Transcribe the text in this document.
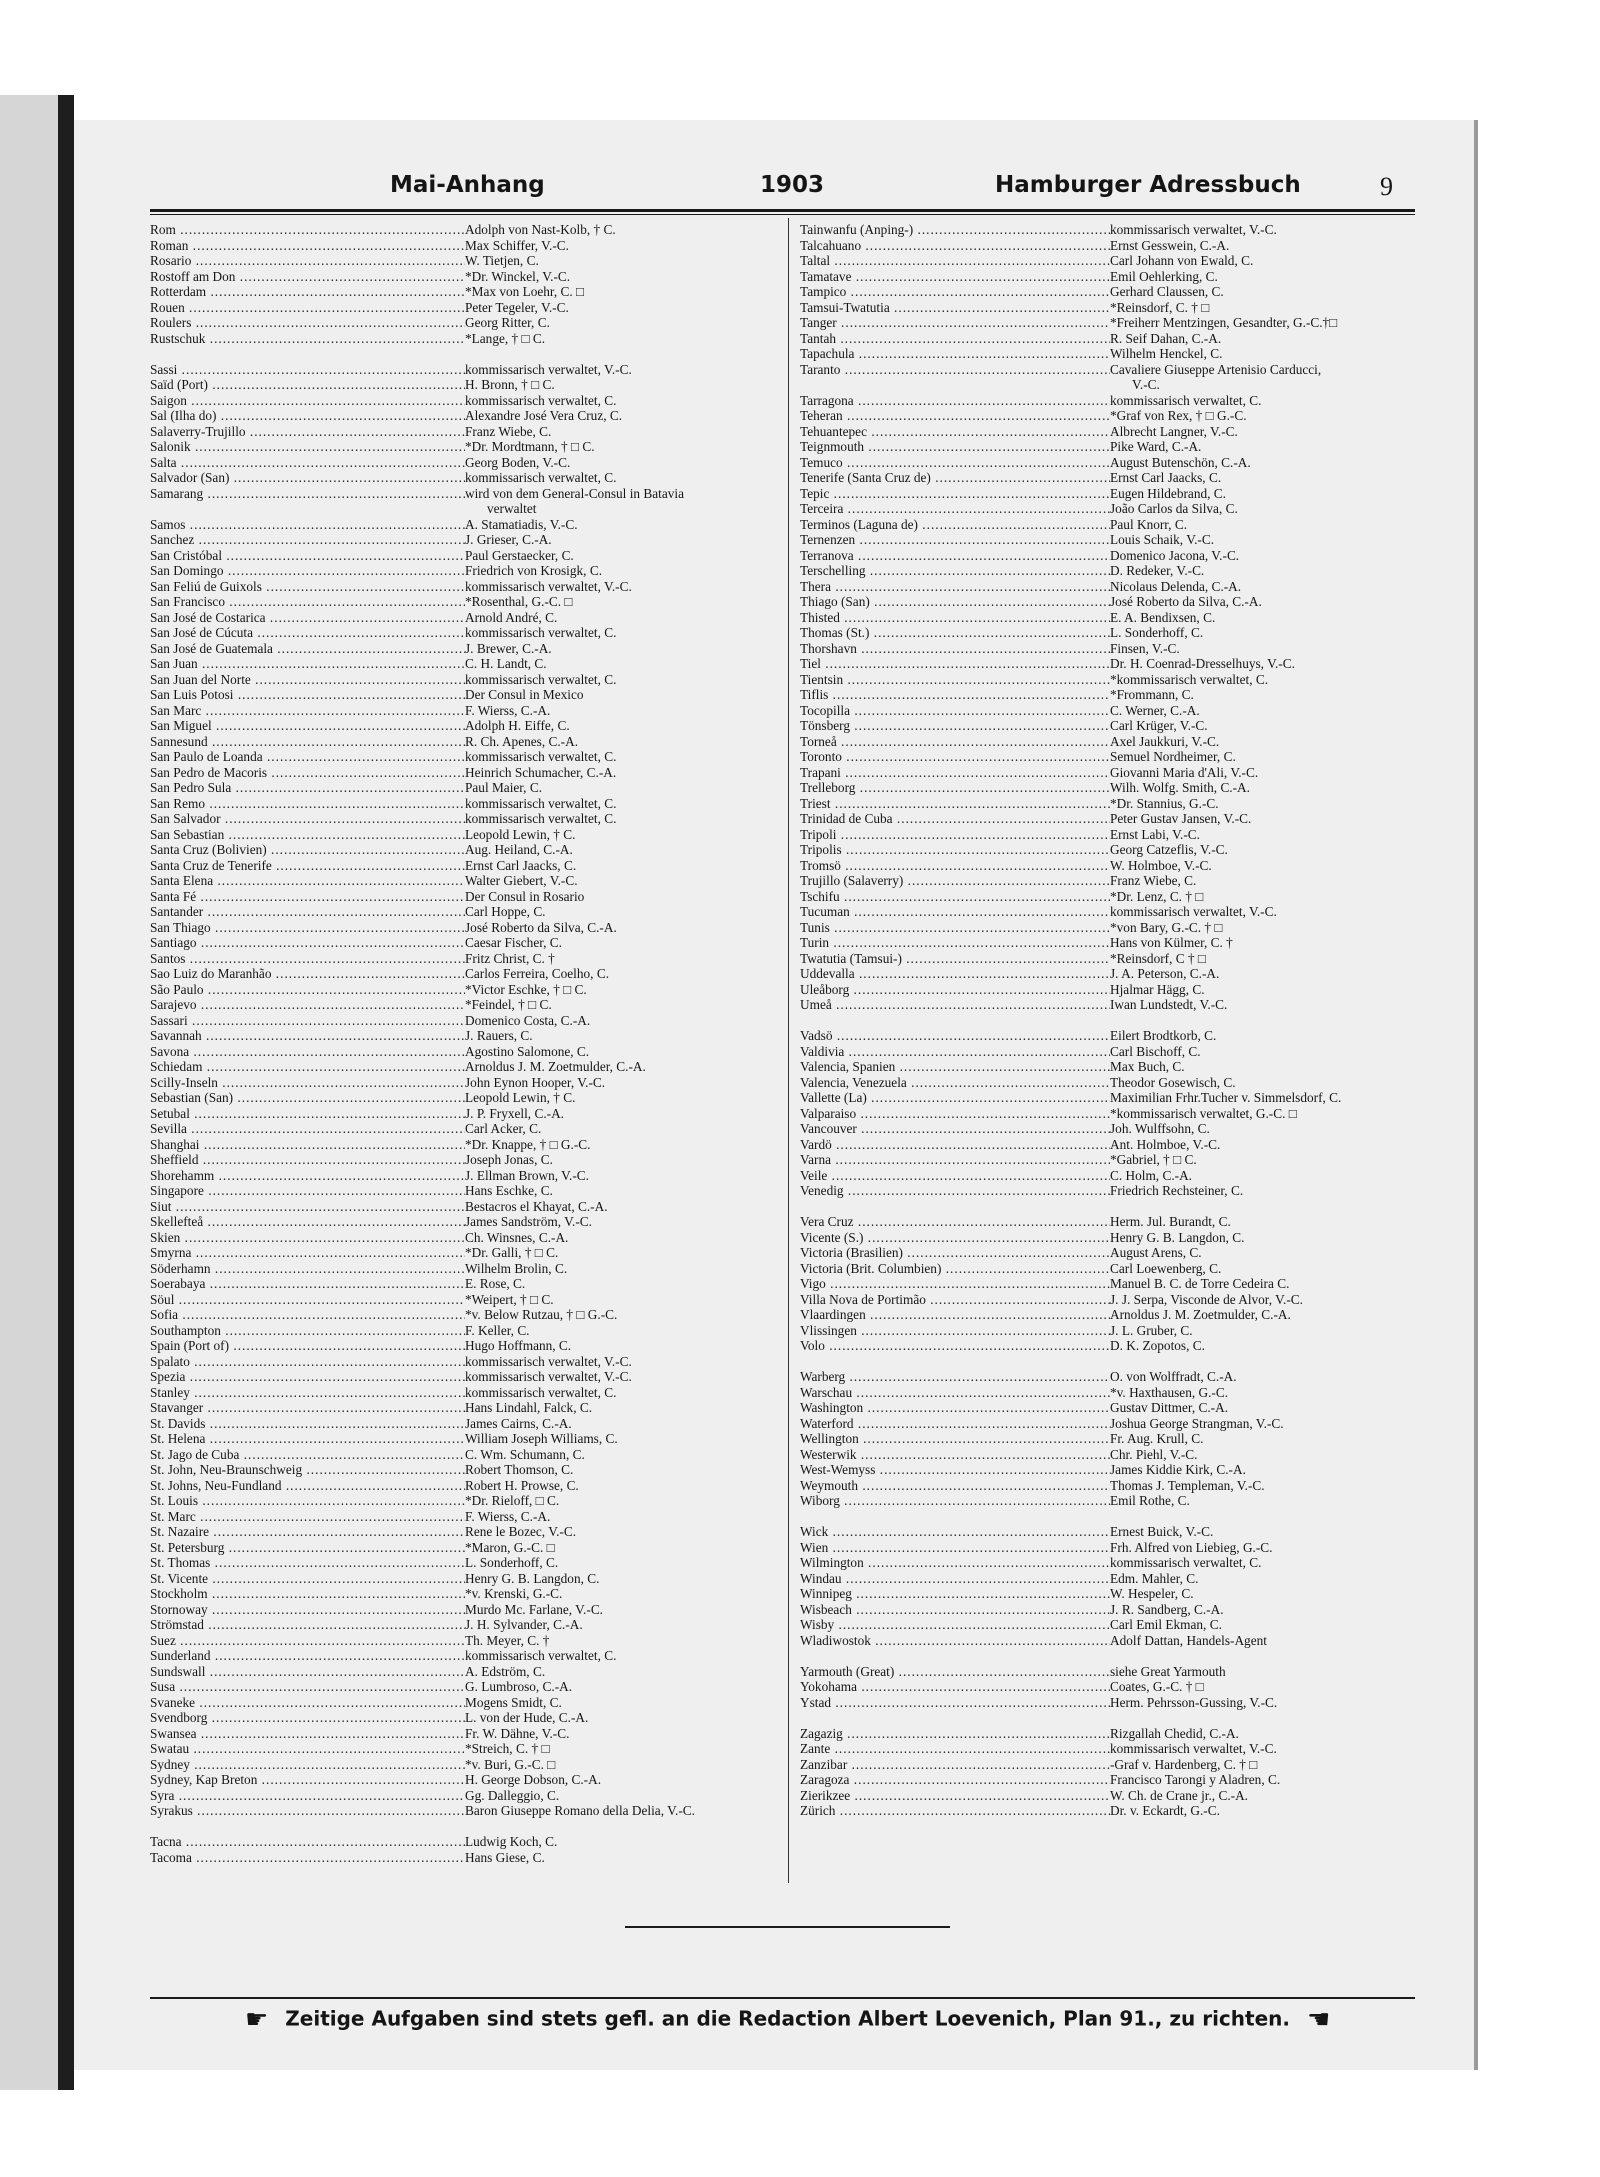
Mai-Anhang	1903	Hamburger Adressbuch	9
Rom .....	Adolph von Nast-Kolb, † C.
Roman .....	Max Schiffer, V.-C.
Rosario .....	W. Tietjen, C.
Rostoff am Don .....	*Dr. Winckel, V.-C.
Rotterdam .....	*Max von Loehr, C. □
Rouen .....	Peter Tegeler, V.-C.
Roulers .....	Georg Ritter, C.
Rustschuk .....	*Lange, † □ C.
Sassi .....	kommissarisch verwaltet, V.-C.
Saïd (Port) .....	H. Bronn, † □ C.
Saigon .....	kommissarisch verwaltet, C.
Sal (Ilha do) .....	Alexandre José Vera Cruz, C.
Salaverry-Trujillo .....	Franz Wiebe, C.
Salonik .....	*Dr. Mordtmann, † □ C.
Salta .....	Georg Boden, V.-C.
Salvador (San) .....	kommissarisch verwaltet, C.
Samarang .....	wird von dem General-Consul in Batavia
verwaltet
Samos .....	A. Stamatiadis, V.-C.
Sanchez .....	J. Grieser, C.-A.
San Cristóbal .....	Paul Gerstaecker, C.
San Domingo .....	Friedrich von Krosigk, C.
San Feliú de Guixols .....	kommissarisch verwaltet, V.-C.
San Francisco .....	*Rosenthal, G.-C. □
San José de Costarica .....	Arnold André, C.
San José de Cúcuta .....	kommissarisch verwaltet, C.
San José de Guatemala .....	J. Brewer, C.-A.
San Juan .....	C. H. Landt, C.
San Juan del Norte .....	kommissarisch verwaltet, C.
San Luis Potosi .....	Der Consul in Mexico
San Marc .....	F. Wierss, C.-A.
San Miguel .....	Adolph H. Eiffe, C.
Sannesund .....	R. Ch. Apenes, C.-A.
San Paulo de Loanda .....	kommissarisch verwaltet, C.
San Pedro de Macoris .....	Heinrich Schumacher, C.-A.
San Pedro Sula .....	Paul Maier, C.
San Remo .....	kommissarisch verwaltet, C.
San Salvador .....	kommissarisch verwaltet, C.
San Sebastian .....	Leopold Lewin, † C.
Santa Cruz (Bolivien) .....	Aug. Heiland, C.-A.
Santa Cruz de Tenerife .....	Ernst Carl Jaacks, C.
Santa Elena .....	Walter Giebert, V.-C.
Santa Fé .....	Der Consul in Rosario
Santander .....	Carl Hoppe, C.
San Thiago .....	José Roberto da Silva, C.-A.
Santiago .....	Caesar Fischer, C.
Santos .....	Fritz Christ, C. †
Sao Luiz do Maranhão .....	Carlos Ferreira, Coelho, C.
São Paulo .....	*Victor Eschke, † □ C.
Sarajevo .....	*Feindel, † □ C.
Sassari .....	Domenico Costa, C.-A.
Savannah .....	J. Rauers, C.
Savona .....	Agostino Salomone, C.
Schiedam .....	Arnoldus J. M. Zoetmulder, C.-A.
Scilly-Inseln .....	John Eynon Hooper, V.-C.
Sebastian (San) .....	Leopold Lewin, † C.
Setubal .....	J. P. Fryxell, C.-A.
Sevilla .....	Carl Acker, C.
Shanghai .....	*Dr. Knappe, † □ G.-C.
Sheffield .....	Joseph Jonas, C.
Shorehamm .....	J. Ellman Brown, V.-C.
Singapore .....	Hans Eschke, C.
Siut .....	Bestacros el Khayat, C.-A.
Skellefteå .....	James Sandström, V.-C.
Skien .....	Ch. Winsnes, C.-A.
Smyrna .....	*Dr. Galli, † □ C.
Söderhamn .....	Wilhelm Brolin, C.
Soerabaya .....	E. Rose, C.
Söul .....	*Weipert, † □ C.
Sofia .....	*v. Below Rutzau, † □ G.-C.
Southampton .....	F. Keller, C.
Spain (Port of) .....	Hugo Hoffmann, C.
Spalato .....	kommissarisch verwaltet, V.-C.
Spezia .....	kommissarisch verwaltet, V.-C.
Stanley .....	kommissarisch verwaltet, C.
Stavanger .....	Hans Lindahl, Falck, C.
St. Davids .....	James Cairns, C.-A.
St. Helena .....	William Joseph Williams, C.
St. Jago de Cuba .....	C. Wm. Schumann, C.
St. John, Neu-Braunschweig .....	Robert Thomson, C.
St. Johns, Neu-Fundland .....	Robert H. Prowse, C.
St. Louis .....	*Dr. Rieloff, □ C.
St. Marc .....	F. Wierss, C.-A.
St. Nazaire .....	Rene le Bozec, V.-C.
St. Petersburg .....	*Maron, G.-C. □
St. Thomas .....	L. Sonderhoff, C.
St. Vicente .....	Henry G. B. Langdon, C.
Stockholm .....	*v. Krenski, G.-C.
Stornoway .....	Murdo Mc. Farlane, V.-C.
Strömstad .....	J. H. Sylvander, C.-A.
Suez .....	Th. Meyer, C. †
Sunderland .....	kommissarisch verwaltet, C.
Sundswall .....	A. Edström, C.
Susa .....	G. Lumbroso, C.-A.
Svaneke .....	Mogens Smidt, C.
Svendborg .....	L. von der Hude, C.-A.
Swansea .....	Fr. W. Dähne, V.-C.
Swatau .....	*Streich, C. † □
Sydney .....	*v. Buri, G.-C. □
Sydney, Kap Breton .....	H. George Dobson, C.-A.
Syra .....	Gg. Dalleggio, C.
Syrakus .....	Baron Giuseppe Romano della Delia, V.-C.
Tacna .....	Ludwig Koch, C.
Tacoma .....	Hans Giese, C.
Tainwanfu (Anping-) .....	kommissarisch verwaltet, V.-C.
Talcahuano .....	Ernst Gesswein, C.-A.
Taltal .....	Carl Johann von Ewald, C.
Tamatave .....	Emil Oehlerking, C.
Tampico .....	Gerhard Claussen, C.
Tamsui-Twatutia .....	*Reinsdorf, C. † □
Tanger .....	*Freiherr Mentzingen, Gesandter, G.-C.†□
Tantah .....	R. Seif Dahan, C.-A.
Tapachula .....	Wilhelm Henckel, C.
Taranto .....	Cavaliere Giuseppe Artenisio Carducci,
V.-C.
Tarragona .....	kommissarisch verwaltet, C.
Teheran .....	*Graf von Rex, † □ G.-C.
Tehuantepec .....	Albrecht Langner, V.-C.
Teignmouth .....	Pike Ward, C.-A.
Temuco .....	August Butenschön, C.-A.
Tenerife (Santa Cruz de) .....	Ernst Carl Jaacks, C.
Tepic .....	Eugen Hildebrand, C.
Terceira .....	João Carlos da Silva, C.
Terminos (Laguna de) .....	Paul Knorr, C.
Ternenzen .....	Louis Schaik, V.-C.
Terranova .....	Domenico Jacona, V.-C.
Terschelling .....	D. Redeker, V.-C.
Thera .....	Nicolaus Delenda, C.-A.
Thiago (San) .....	José Roberto da Silva, C.-A.
Thisted .....	E. A. Bendixsen, C.
Thomas (St.) .....	L. Sonderhoff, C.
Thorshavn .....	Finsen, V.-C.
Tiel .....	Dr. H. Coenrad-Dresselhuys, V.-C.
Tientsin .....	*kommissarisch verwaltet, C.
Tiflis .....	*Frommann, C.
Tocopilla .....	C. Werner, C.-A.
Tönsberg .....	Carl Krüger, V.-C.
Torneå .....	Axel Jaukkuri, V.-C.
Toronto .....	Semuel Nordheimer, C.
Trapani .....	Giovanni Maria d'Ali, V.-C.
Trelleborg .....	Wilh. Wolfg. Smith, C.-A.
Triest .....	*Dr. Stannius, G.-C.
Trinidad de Cuba .....	Peter Gustav Jansen, V.-C.
Tripoli .....	Ernst Labi, V.-C.
Tripolis .....	Georg Catzeflis, V.-C.
Tromsö .....	W. Holmboe, V.-C.
Trujillo (Salaverry) .....	Franz Wiebe, C.
Tschifu .....	*Dr. Lenz, C. † □
Tucuman .....	kommissarisch verwaltet, V.-C.
Tunis .....	*von Bary, G.-C. † □
Turin .....	Hans von Külmer, C. †
Twatutia (Tamsui-) .....	*Reinsdorf, C † □
Uddevalla .....	J. A. Peterson, C.-A.
Uleåborg .....	Hjalmar Hägg, C.
Umeå .....	Iwan Lundstedt, V.-C.
Vadsö .....	Eilert Brodtkorb, C.
Valdivia .....	Carl Bischoff, C.
Valencia, Spanien .....	Max Buch, C.
Valencia, Venezuela .....	Theodor Gosewisch, C.
Vallette (La) .....	Maximilian Frhr.Tucher v. Simmelsdorf, C.
Valparaiso .....	*kommissarisch verwaltet, G.-C. □
Vancouver .....	Joh. Wulffsohn, C.
Vardö .....	Ant. Holmboe, V.-C.
Varna .....	*Gabriel, † □ C.
Veile .....	C. Holm, C.-A.
Venedig .....	Friedrich Rechsteiner, C.
Vera Cruz .....	Herm. Jul. Burandt, C.
Vicente (S.) .....	Henry G. B. Langdon, C.
Victoria (Brasilien) .....	August Arens, C.
Victoria (Brit. Columbien) .....	Carl Loewenberg, C.
Vigo .....	Manuel B. C. de Torre Cedeira C.
Villa Nova de Portimão .....	J. J. Serpa, Visconde de Alvor, V.-C.
Vlaardingen .....	Arnoldus J. M. Zoetmulder, C.-A.
Vlissingen .....	J. L. Gruber, C.
Volo .....	D. K. Zopotos, C.
Warberg .....	O. von Wolffradt, C.-A.
Warschau .....	*v. Haxthausen, G.-C.
Washington .....	Gustav Dittmer, C.-A.
Waterford .....	Joshua George Strangman, V.-C.
Wellington .....	Fr. Aug. Krull, C.
Westerwik .....	Chr. Piehl, V.-C.
West-Wemyss .....	James Kiddie Kirk, C.-A.
Weymouth .....	Thomas J. Templeman, V.-C.
Wiborg .....	Emil Rothe, C.
Wick .....	Ernest Buick, V.-C.
Wien .....	Frh. Alfred von Liebieg, G.-C.
Wilmington .....	kommissarisch verwaltet, C.
Windau .....	Edm. Mahler, C.
Winnipeg .....	W. Hespeler, C.
Wisbeach .....	J. R. Sandberg, C.-A.
Wisby .....	Carl Emil Ekman, C.
Wladiwostok .....	Adolf Dattan, Handels-Agent
Yarmouth (Great) .....	siehe Great Yarmouth
Yokohama .....	Coates, G.-C. † □
Ystad .....	Herm. Pehrsson-Gussing, V.-C.
Zagazig .....	Rizgallah Chedid, C.-A.
Zante .....	kommissarisch verwaltet, V.-C.
Zanzibar .....	-Graf v. Hardenberg, C. † □
Zaragoza .....	Francisco Tarongi y Aladren, C.
Zierikzee .....	W. Ch. de Crane jr., C.-A.
Zürich .....	Dr. v. Eckardt, G.-C.
☛ Zeitige Aufgaben sind stets gefl. an die Redaction Albert Loevenich, Plan 91., zu richten. ☚
